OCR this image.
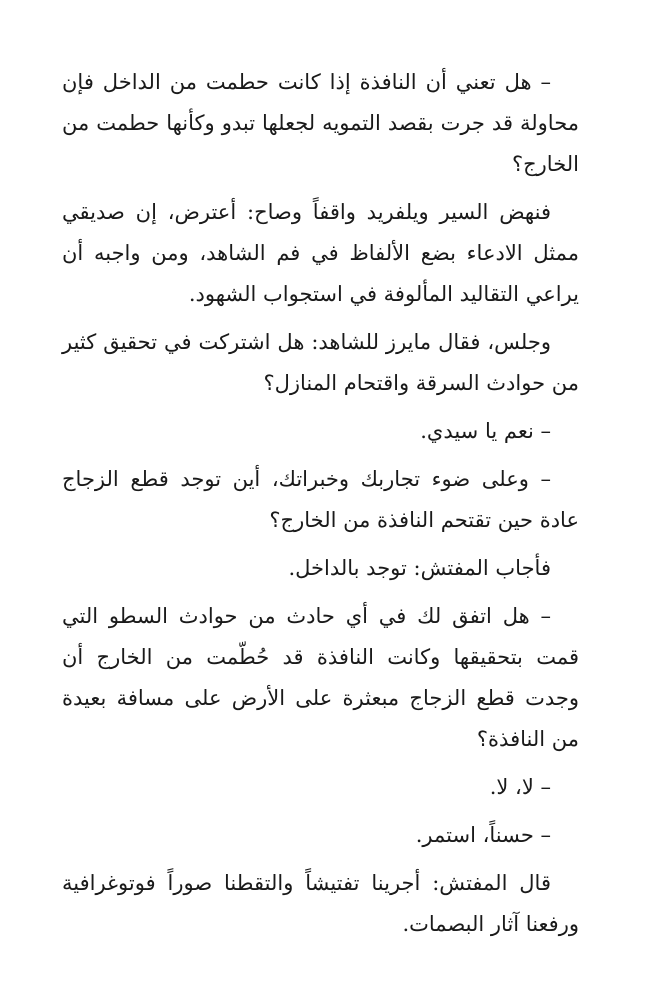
– هل تعني أن النافذة إذا كانت حطمت من الداخل فإن محاولة قد جرت بقصد التمويه لجعلها تبدو وكأنها حطمت من الخارج؟

فنهض السير ويلفريد واقفاً وصاح: أعترض، إن صديقي ممثل الادعاء بضع الألفاظ في فم الشاهد، ومن واجبه أن يراعي التقاليد المألوفة في استجواب الشهود.

وجلس، فقال مايرز للشاهد: هل اشتركت في تحقيق كثير من حوادث السرقة واقتحام المنازل؟

– نعم يا سيدي.

– وعلى ضوء تجاربك وخبراتك، أين توجد قطع الزجاج عادة حين تقتحم النافذة من الخارج؟

فأجاب المفتش: توجد بالداخل.

– هل اتفق لك في أي حادث من حوادث السطو التي قمت بتحقيقها وكانت النافذة قد حُطّمت من الخارج أن وجدت قطع الزجاج مبعثرة على الأرض على مسافة بعيدة من النافذة؟

– لا، لا.

– حسناً، استمر.

قال المفتش: أجرينا تفتيشاً والتقطنا صوراً فوتوغرافية ورفعنا آثار البصمات.
